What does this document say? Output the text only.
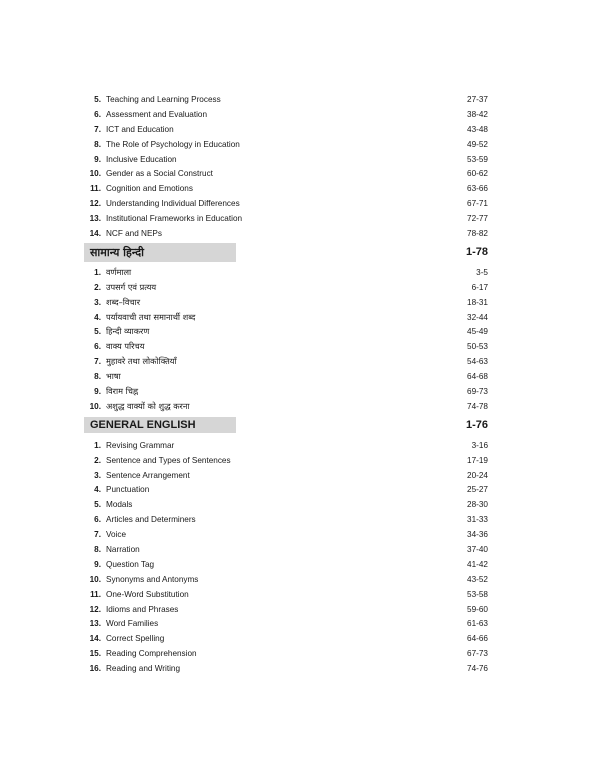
5. Teaching and Learning Process	27-37
6. Assessment and Evaluation	38-42
7. ICT and Education	43-48
8. The Role of Psychology in Education	49-52
9. Inclusive Education	53-59
10. Gender as a Social Construct	60-62
11. Cognition and Emotions	63-66
12. Understanding Individual Differences	67-71
13. Institutional Frameworks in Education	72-77
14. NCF and NEPs	78-82
सामान्य हिन्दी	1-78
1. वर्णमाला	3-5
2. उपसर्ग एवं प्रत्यय	6-17
3. शब्द–विचार	18-31
4. पर्यायवाची तथा समानार्थी शब्द	32-44
5. हिन्दी व्याकरण	45-49
6. वाक्य परिचय	50-53
7. मुहावरे तथा लोकोक्तियाँ	54-63
8. भाषा	64-68
9. विराम चिह्न	69-73
10. अशुद्ध वाक्यों को शुद्ध करना	74-78
GENERAL ENGLISH	1-76
1. Revising Grammar	3-16
2. Sentence and Types of Sentences	17-19
3. Sentence Arrangement	20-24
4. Punctuation	25-27
5. Modals	28-30
6. Articles and Determiners	31-33
7. Voice	34-36
8. Narration	37-40
9. Question Tag	41-42
10. Synonyms and Antonyms	43-52
11. One-Word Substitution	53-58
12. Idioms and Phrases	59-60
13. Word Families	61-63
14. Correct Spelling	64-66
15. Reading Comprehension	67-73
16. Reading and Writing	74-76
